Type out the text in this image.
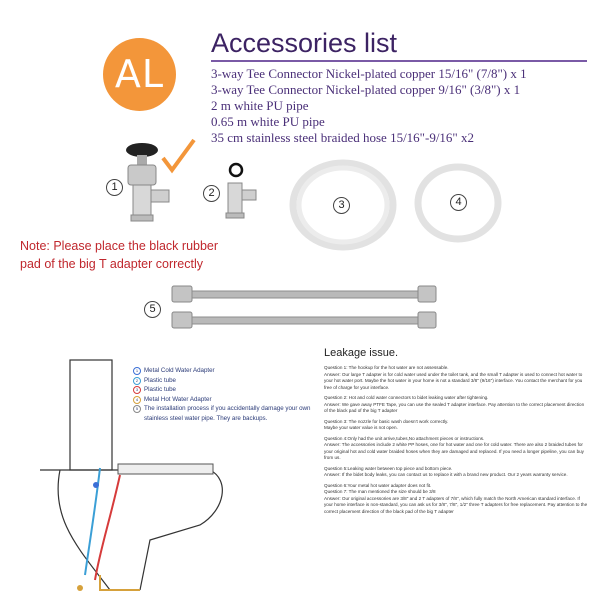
AL
Accessories list
3-way Tee Connector Nickel-plated copper 15/16" (7/8") x 1
3-way Tee Connector Nickel-plated copper 9/16" (3/8") x 1
2 m white PU pipe
0.65 m white PU pipe
35 cm stainless steel braided hose 15/16"-9/16" x2
1	2
3	4
5
Note: Please place the black rubber pad of the big T adapter correctly
1 Metal Cold Water Adapter
2 Plastic tube
3 Plastic tube
4 Metal Hot Water Adapter
5 The installation process if you accidentally damage your own stainless steel water pipe. They are backups.
Leakage issue.

Question 1: The hookup for the hot water are not assessable.
Answer: Our large T adapter is for cold water used under the toilet tank, and the small T adapter is used to connect hot water to your hot water port. Maybe the hot water in your home is not a standard 3/8" (9/16") interface. You contact the merchant for you free of charge for your interface.

Question 2: Hot and cold water connectors to bidet leaking water after tightening.
Answer: We gave away PTFE Tape, you can use the sealed T adapter interface. Pay attention to the correct placement direction of the black pad of the big T adapter

Question 3: The nozzle for basic wash doesn't work correctly.
Maybe your water value is not open.

Question 4:Only had the unit arrive,tubes,No attachment pieces or instructions.
Answer: The accessories include 2 white PP hoses, one for hot water and one for cold water. There are also 2 braided tubes for your original hot and cold water braided hoses when they are damaged and replaced. If you need a longer pipeline, you can buy from us.

Question 5:Leaking water between top piece and bottom piece.
Answer: If the bidet body leaks, you can contact us to replace it with a brand new product. Our 2 years warranty service.

Question 6:Your metal hot water adapter does not fit.
Question 7: The man mentioned the size should be 3/8
Answer: Our original accessories are 3/8" and 2 T adapters of 7/8", which fully match the North American standard interface. If your home interface is non-standard, you can ask us for 3/8", 7/8", 1/2" three T adapters for free replacement. Pay attention to the correct placement direction of the black pad of the big T adapter
